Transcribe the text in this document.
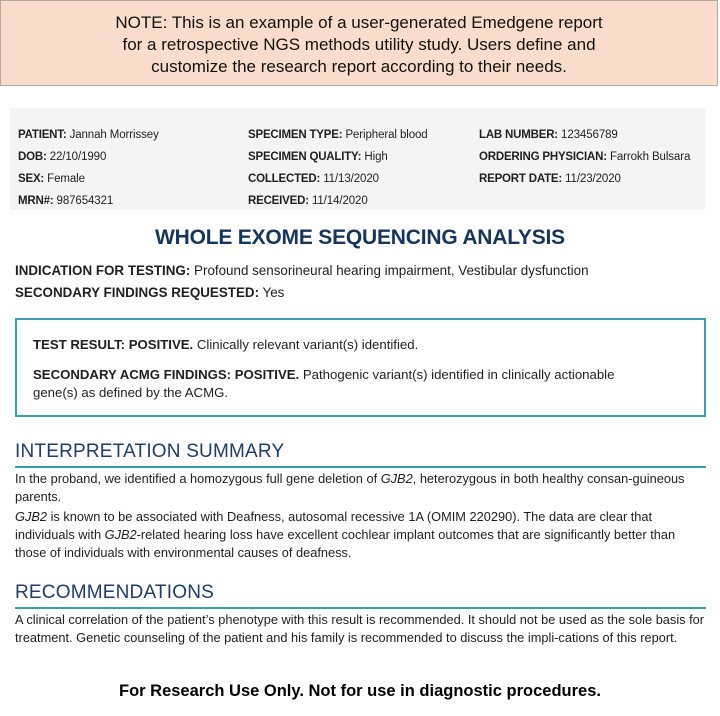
NOTE: This is an example of a user-generated Emedgene report
for a retrospective NGS methods utility study. Users define and
customize the research report according to their needs.
PATIENT: Jannah Morrissey
DOB: 22/10/1990
SEX: Female
MRN#: 987654321
SPECIMEN TYPE: Peripheral blood
SPECIMEN QUALITY: High
COLLECTED: 11/13/2020
RECEIVED: 11/14/2020
LAB NUMBER: 123456789
ORDERING PHYSICIAN: Farrokh Bulsara
REPORT DATE: 11/23/2020
WHOLE EXOME SEQUENCING ANALYSIS
INDICATION FOR TESTING: Profound sensorineural hearing impairment, Vestibular dysfunction
SECONDARY FINDINGS REQUESTED: Yes
TEST RESULT: POSITIVE. Clinically relevant variant(s) identified.
SECONDARY ACMG FINDINGS: POSITIVE. Pathogenic variant(s) identified in clinically actionable gene(s) as defined by the ACMG.
INTERPRETATION SUMMARY
In the proband, we identified a homozygous full gene deletion of GJB2, heterozygous in both healthy consan-guineous parents.
GJB2 is known to be associated with Deafness, autosomal recessive 1A (OMIM 220290). The data are clear that individuals with GJB2-related hearing loss have excellent cochlear implant outcomes that are significantly better than those of individuals with environmental causes of deafness.
RECOMMENDATIONS
A clinical correlation of the patient’s phenotype with this result is recommended. It should not be used as the sole basis for treatment. Genetic counseling of the patient and his family is recommended to discuss the impli-cations of this report.
For Research Use Only. Not for use in diagnostic procedures.
